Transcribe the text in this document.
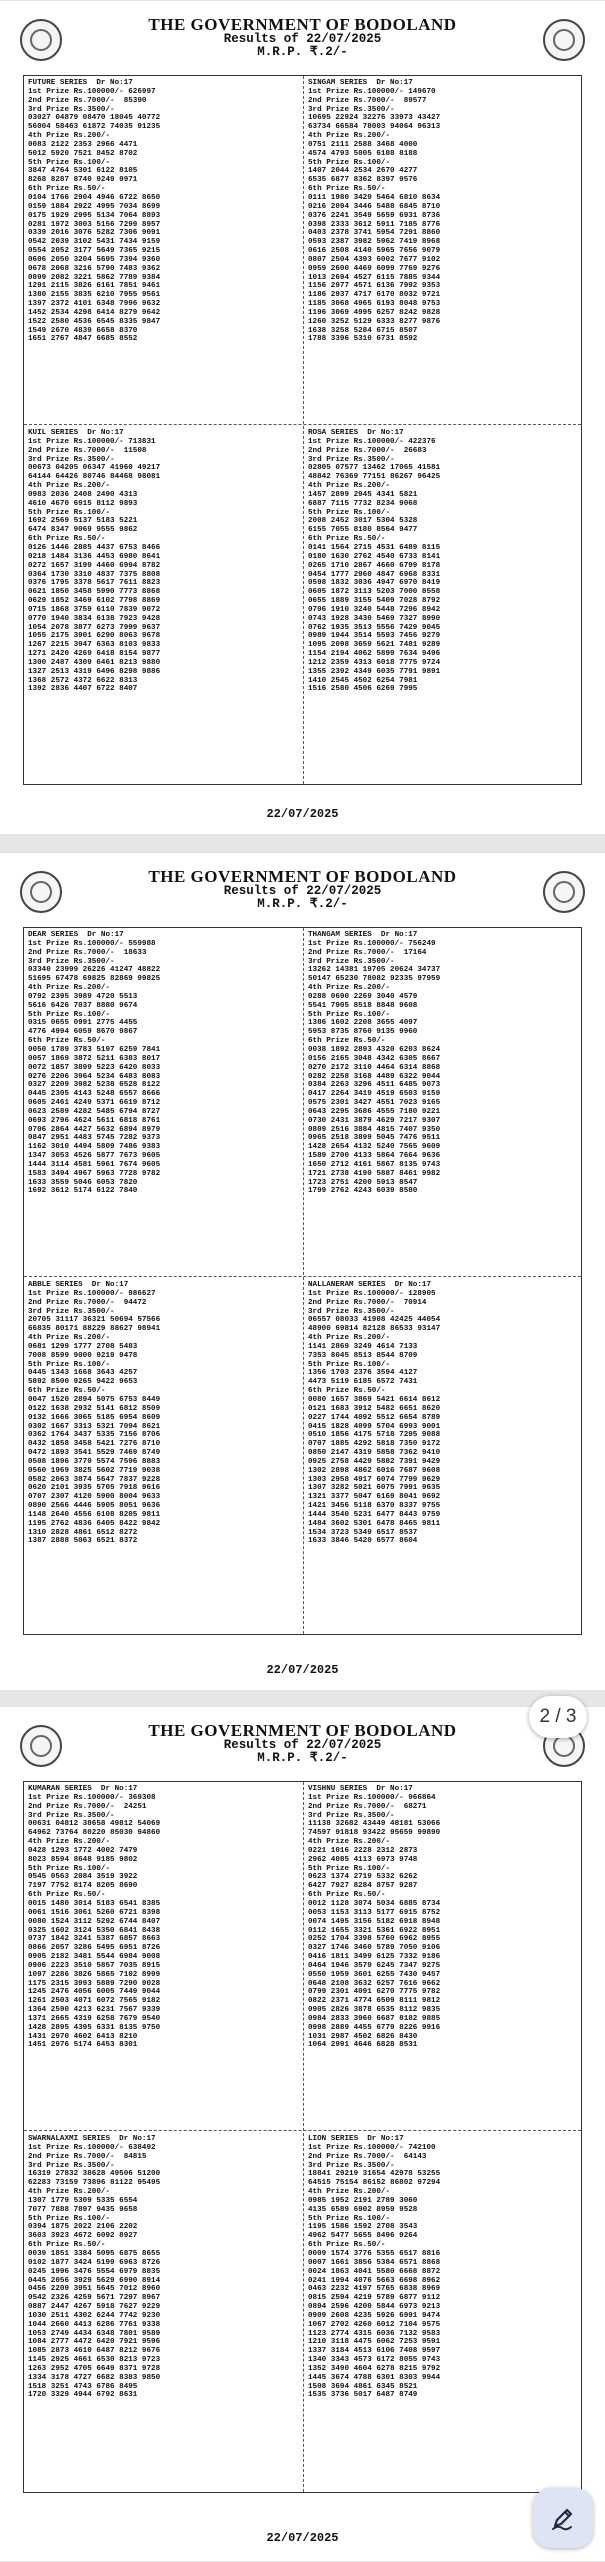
THE GOVERNMENT OF BODOLAND
Results of 22/07/2025
M.R.P. ₹.2/-
FUTURE SERIES  Dr No:17
1st Prize Rs.100000/- 626997
2nd Prize Rs.7000/-  85390
3rd Prize Rs.3500/-
03027 04879 08470 18045 40772
56004 58463 61872 74035 91235
4th Prize Rs.200/-
0083 2122 2353 2966 4471
5012 5920 7521 8452 8702
5th Prize Rs.100/-
3847 4764 5301 6122 8105
8268 8287 8740 9249 9971
6th Prize Rs.50/-
0104 1766 2904 4946 6722 8650
0159 1884 2922 4995 7034 8699
0175 1929 2995 5134 7064 8893
0281 1972 3003 5156 7299 8957
0339 2016 3076 5282 7306 9091
0542 2039 3102 5431 7434 9159
0554 2052 3177 5649 7365 9215
0606 2050 3204 5695 7394 9360
0678 2068 3216 5790 7483 9362
0899 2082 3221 5862 7789 9384
1291 2115 3826 6161 7851 9461
1380 2155 3835 6210 7955 9561
1397 2372 4101 6348 7996 9632
1452 2534 4298 6414 8279 9642
1522 2580 4536 6545 8335 9847
1549 2670 4839 6658 8370
1651 2767 4847 6685 8552
SINGAM SERIES  Dr No:17
1st Prize Rs.100000/- 149670
2nd Prize Rs.7000/-  89577
3rd Prize Rs.3500/-
10695 22924 32276 33973 43427
63734 66584 78003 94064 96313
4th Prize Rs.200/-
0751 2111 2588 3468 4000
4574 4793 5005 6188 8188
5th Prize Rs.100/-
1407 2044 2534 2670 4277
6535 6877 8362 8397 9576
6th Prize Rs.50/-
0111 1980 3429 5464 6810 8634
0216 2094 3446 5488 6845 8710
0376 2241 3549 5659 6931 8736
0398 2333 3612 5911 7185 8776
0403 2378 3741 5954 7291 8860
0593 2387 3982 5962 7419 8968
0616 2508 4140 5965 7656 9079
0807 2504 4393 6002 7677 9102
0959 2600 4469 6099 7769 9276
1013 2694 4527 6115 7885 9344
1156 2977 4571 6136 7992 9353
1186 2937 4717 6170 8032 9721
1185 3068 4965 6193 8048 9753
1196 3069 4995 6257 8242 9828
1260 3252 5129 6333 8277 9876
1638 3258 5284 6715 8507
1788 3396 5310 6731 8592
KUIL SERIES  Dr No:17
1st Prize Rs.100000/- 713831
2nd Prize Rs.7000/-  11508
3rd Prize Rs.3500/-
00673 04205 06347 41960 49217
64144 64426 80746 84468 98081
4th Prize Rs.200/-
0983 2036 2408 2490 4313
4610 4670 6915 8112 9893
5th Prize Rs.100/-
1692 2569 5137 5183 5221
6474 8347 9069 9555 9862
6th Prize Rs.50/-
0126 1446 2885 4437 6753 8466
0218 1484 3136 4453 6980 8641
0272 1657 3199 4460 6994 8782
0364 1730 3310 4837 7375 8808
0376 1795 3378 5617 7611 8823
0621 1850 3458 5990 7773 8868
0629 1852 3469 6102 7798 8869
0715 1868 3759 6110 7839 9072
0770 1940 3834 6138 7923 9428
1054 2078 3877 6273 7999 9637
1055 2175 3901 6290 8063 9678
1267 2215 3947 6363 8103 9833
1271 2420 4269 6418 8154 9877
1300 2487 4309 6461 8213 9880
1327 2513 4319 6496 8298 9886
1368 2572 4372 6622 8313
1392 2836 4407 6722 8407
ROSA SERIES  Dr No:17
1st Prize Rs.100000/- 422376
2nd Prize Rs.7000/-  26683
3rd Prize Rs.3500/-
02805 07577 13462 17065 41581
48842 76369 77151 86267 96425
4th Prize Rs.200/-
1457 2899 2945 4341 5821
6887 7115 7732 8234 9068
5th Prize Rs.100/-
2008 2452 3017 5304 5328
6155 7055 8180 8564 9477
6th Prize Rs.50/-
0141 1564 2715 4531 6489 8115
0180 1630 2762 4540 6733 8141
0265 1710 2867 4660 6799 8178
0454 1777 2960 4847 6968 8331
0598 1832 3036 4947 6970 8419
0605 1872 3113 5203 7000 8558
0655 1889 3155 5409 7028 8792
0706 1910 3240 5448 7296 8942
0743 1928 3430 5469 7327 8990
0762 1935 3513 5556 7429 9045
0989 1944 3514 5593 7456 9279
1095 2098 3659 5621 7481 9289
1154 2194 4062 5899 7634 9496
1212 2359 4313 6018 7775 9724
1355 2392 4349 6035 7791 9891
1410 2545 4502 6254 7981
1516 2580 4506 6269 7995
22/07/2025
THE GOVERNMENT OF BODOLAND
Results of 22/07/2025
M.R.P. ₹.2/-
DEAR SERIES  Dr No:17
1st Prize Rs.100000/- 559988
2nd Prize Rs.7000/-  18633
3rd Prize Rs.3500/-
03340 23999 26226 41247 48822
51695 67478 69825 82869 99825
4th Prize Rs.200/-
0792 2395 3989 4720 5513
5616 6426 7037 8880 9674
5th Prize Rs.100/-
0315 0655 0991 2775 4455
4776 4994 6059 8670 9867
6th Prize Rs.50/-
0050 1789 3783 5197 6259 7841
0057 1869 3872 5211 6383 8017
0072 1857 3899 5223 6420 8033
0276 2206 3964 5234 6483 8083
0327 2209 3982 5238 6528 8122
0445 2305 4143 5248 6557 8666
0605 2461 4249 5371 6619 8712
0623 2589 4282 5485 6794 8727
0693 2796 4624 5611 6818 8761
0706 2864 4427 5632 6894 8979
0847 2951 4483 5745 7282 9373
1162 3010 4494 5809 7486 9383
1347 3053 4526 5877 7673 9605
1444 3114 4581 5961 7674 9605
1583 3494 4967 5963 7728 9782
1633 3559 5046 6053 7820
1692 3612 5174 6122 7840
THANGAM SERIES  Dr No:17
1st Prize Rs.100000/- 756249
2nd Prize Rs.7000/-  17164
3rd Prize Rs.3500/-
13262 14381 19705 20624 34737
50147 65230 78082 92335 97959
4th Prize Rs.200/-
0288 0690 2269 3040 4579
5541 7905 8518 8848 9608
5th Prize Rs.100/-
1386 1602 2208 3655 4097
5953 8735 8760 9135 9960
6th Prize Rs.50/-
0038 1892 2893 4320 6203 8624
0156 2165 3048 4342 6305 8667
0270 2172 3110 4464 6314 8868
0282 2258 3168 4489 6322 9044
0384 2263 3296 4511 6485 9073
0417 2264 3419 4519 6503 9159
0575 2301 3427 4551 7023 9165
0643 2295 3686 4555 7180 9221
0730 2431 3879 4629 7217 9307
0809 2516 3884 4815 7407 9350
0965 2518 3899 5045 7476 9511
1428 2654 4132 5240 7565 9609
1589 2700 4133 5864 7664 9636
1650 2712 4161 5867 8135 9743
1721 2738 4190 5887 8461 9982
1723 2751 4200 5913 8547
1799 2762 4243 6039 8580
ABBLE SERIES  Dr No:17
1st Prize Rs.100000/- 986627
2nd Prize Rs.7000/-  94472
3rd Prize Rs.3500/-
20705 31117 36321 50694 57566
66835 80171 88229 88627 98941
4th Prize Rs.200/-
0681 1299 1777 2708 5483
7008 8599 9000 9219 9478
5th Prize Rs.100/-
0445 1343 1668 3643 4257
5892 8500 9265 9422 9653
6th Prize Rs.50/-
0047 1520 2894 5075 6753 8449
0122 1638 2932 5141 6812 8509
0132 1666 3065 5185 6954 8609
0302 1667 3313 5321 7094 8621
0362 1764 3437 5335 7156 8706
0432 1858 3458 5421 7276 8710
0472 1893 3541 5529 7469 8749
0508 1896 3770 5574 7596 8883
0560 1969 3825 5602 7719 9038
0582 2063 3874 5647 7837 9228
0620 2101 3935 5705 7918 9616
0707 2307 4120 5900 8004 9633
0890 2566 4446 5905 8051 9636
1148 2640 4556 6108 8205 9811
1195 2762 4836 6405 8422 9842
1310 2828 4861 6512 8272
1387 2888 5063 6521 8372
NALLANERAM SERIES  Dr No:17
1st Prize Rs.100000/- 128905
2nd Prize Rs.7000/-  70914
3rd Prize Rs.3500/-
06557 08033 41908 42425 44054
48900 69814 82128 86533 93147
4th Prize Rs.200/-
1141 2869 3249 4614 7133
7353 8045 8513 8544 8709
5th Prize Rs.100/-
1356 1703 2376 3594 4127
4473 5119 6185 6572 7431
6th Prize Rs.50/-
0080 1657 3869 5421 6614 8612
0121 1683 3912 5482 6651 8620
0227 1744 4092 5512 6654 8789
0415 1828 4099 5704 6993 9001
0510 1856 4175 5718 7295 9088
0707 1885 4292 5818 7350 9172
0850 2147 4319 5858 7362 9410
0925 2758 4429 5882 7391 9429
1302 2898 4862 6016 7687 9608
1303 2958 4917 6074 7799 9629
1307 3282 5021 6075 7991 9635
1321 3377 5047 6169 8041 9692
1421 3456 5118 6370 8337 9755
1444 3540 5231 6477 8443 9759
1484 3602 5301 6478 8465 9811
1534 3723 5349 6517 8537
1633 3846 5420 6577 8604
22/07/2025
THE GOVERNMENT OF BODOLAND
Results of 22/07/2025
M.R.P. ₹.2/-
KUMARAN SERIES  Dr No:17
1st Prize Rs.100000/- 369308
2nd Prize Rs.7000/-  24251
3rd Prize Rs.3500/-
00631 04812 38658 49812 54069
64962 73764 80220 85030 94860
4th Prize Rs.200/-
0428 1293 1772 4002 7479
8023 8594 8648 9185 9802
5th Prize Rs.100/-
0545 0563 2084 3519 3922
7197 7752 8174 8205 8690
6th Prize Rs.50/-
0015 1480 3014 5183 6541 8385
0061 1516 3061 5260 6721 8398
0080 1524 3112 5292 6744 8407
0325 1602 3124 5350 6841 8438
0737 1842 3241 5387 6857 8663
0866 2057 3286 5495 6951 8726
0905 2182 3481 5544 6984 9008
0906 2223 3510 5857 7035 8915
1097 2286 3826 5865 7102 8999
1175 2315 3993 5889 7290 9028
1245 2476 4056 6005 7449 9044
1261 2503 4071 6072 7565 9182
1364 2590 4213 6231 7567 9339
1371 2665 4319 6258 7679 9540
1428 2895 4395 6331 8135 9750
1431 2970 4602 6413 8210
1451 2976 5174 6453 8301
VISHNU SERIES  Dr No:17
1st Prize Rs.100000/- 966864
2nd Prize Rs.7000/-  68271
3rd Prize Rs.3500/-
11138 32682 43449 48181 53066
74597 91818 93422 95659 99890
4th Prize Rs.200/-
0221 1016 2228 2312 2873
2962 4085 4113 6973 9748
5th Prize Rs.100/-
0623 1374 2719 5332 6262
6427 7927 8284 8757 9287
6th Prize Rs.50/-
0012 1128 3074 5034 6885 8734
0053 1153 3113 5177 6915 8752
0074 1495 3156 5182 6918 8948
0112 1655 3321 5361 6922 8951
0252 1704 3398 5760 6962 8955
0327 1746 3460 5789 7050 9106
0416 1811 3499 6125 7332 9186
0464 1946 3579 6245 7347 9275
0550 1959 3601 6255 7430 9457
0648 2108 3632 6257 7616 9662
0799 2301 4091 6270 7775 9782
0822 2371 4774 6509 8111 9812
0905 2826 3878 6535 8112 9835
0984 2833 3960 6687 8182 9885
0998 2889 4455 6779 8226 9916
1031 2987 4502 6826 8430
1064 2991 4646 6828 8531
SWARNALAXMI SERIES  Dr No:17
1st Prize Rs.100000/- 638492
2nd Prize Rs.7000/-  84815
3rd Prize Rs.3500/-
16319 27832 38628 49506 51200
62283 73159 73896 81122 95495
4th Prize Rs.200/-
1307 1779 5309 5335 6554
7077 7888 7897 9435 9658
5th Prize Rs.100/-
0394 1875 2022 2106 2202
3603 3923 4672 6092 8927
6th Prize Rs.50/-
0039 1851 3384 5095 6875 8655
0102 1877 3424 5199 6963 8726
0245 1996 3476 5554 6979 8835
0445 2056 3929 5629 6990 8914
0456 2209 3951 5645 7012 8960
0542 2326 4259 5671 7297 8967
0887 2447 4267 5918 7627 9229
1030 2511 4302 6244 7742 9230
1044 2660 4413 6286 7761 9338
1053 2749 4434 6348 7801 9589
1084 2777 4472 6420 7921 9596
1085 2873 4610 6487 8212 9676
1145 2925 4661 6530 8213 9723
1263 2952 4705 6649 8371 9728
1334 3178 4727 6682 8383 9850
1518 3251 4743 6786 8495
1720 3329 4944 6792 8631
LION SERIES  Dr No:17
1st Prize Rs.100000/- 742100
2nd Prize Rs.7000/-  64143
3rd Prize Rs.3500/-
18841 29219 31654 42978 53255
64515 75154 86152 86802 97294
4th Prize Rs.200/-
0985 1952 2191 2789 3060
4135 6589 6902 8959 9528
5th Prize Rs.100/-
1195 1586 1592 2708 3543
4962 5477 5655 8496 9264
6th Prize Rs.50/-
0009 1574 3776 5355 6517 8816
0007 1661 3856 5384 6571 8868
0024 1863 4041 5580 6668 8872
0241 1994 4076 5663 6698 8962
0463 2232 4197 5765 6838 8969
0815 2594 4219 5789 6877 9112
0894 2596 4200 5844 6973 9213
0909 2608 4235 5926 6991 9474
1067 2702 4260 6012 7104 9575
1123 2774 4315 6036 7132 9583
1210 3118 4475 6062 7253 9591
1337 3184 4513 6106 7408 9597
1340 3343 4573 6172 8055 9743
1352 3490 4604 6278 8215 9792
1445 3674 4788 6301 8303 9944
1508 3694 4861 6345 8521
1535 3736 5017 6487 8749
22/07/2025
2 / 3
